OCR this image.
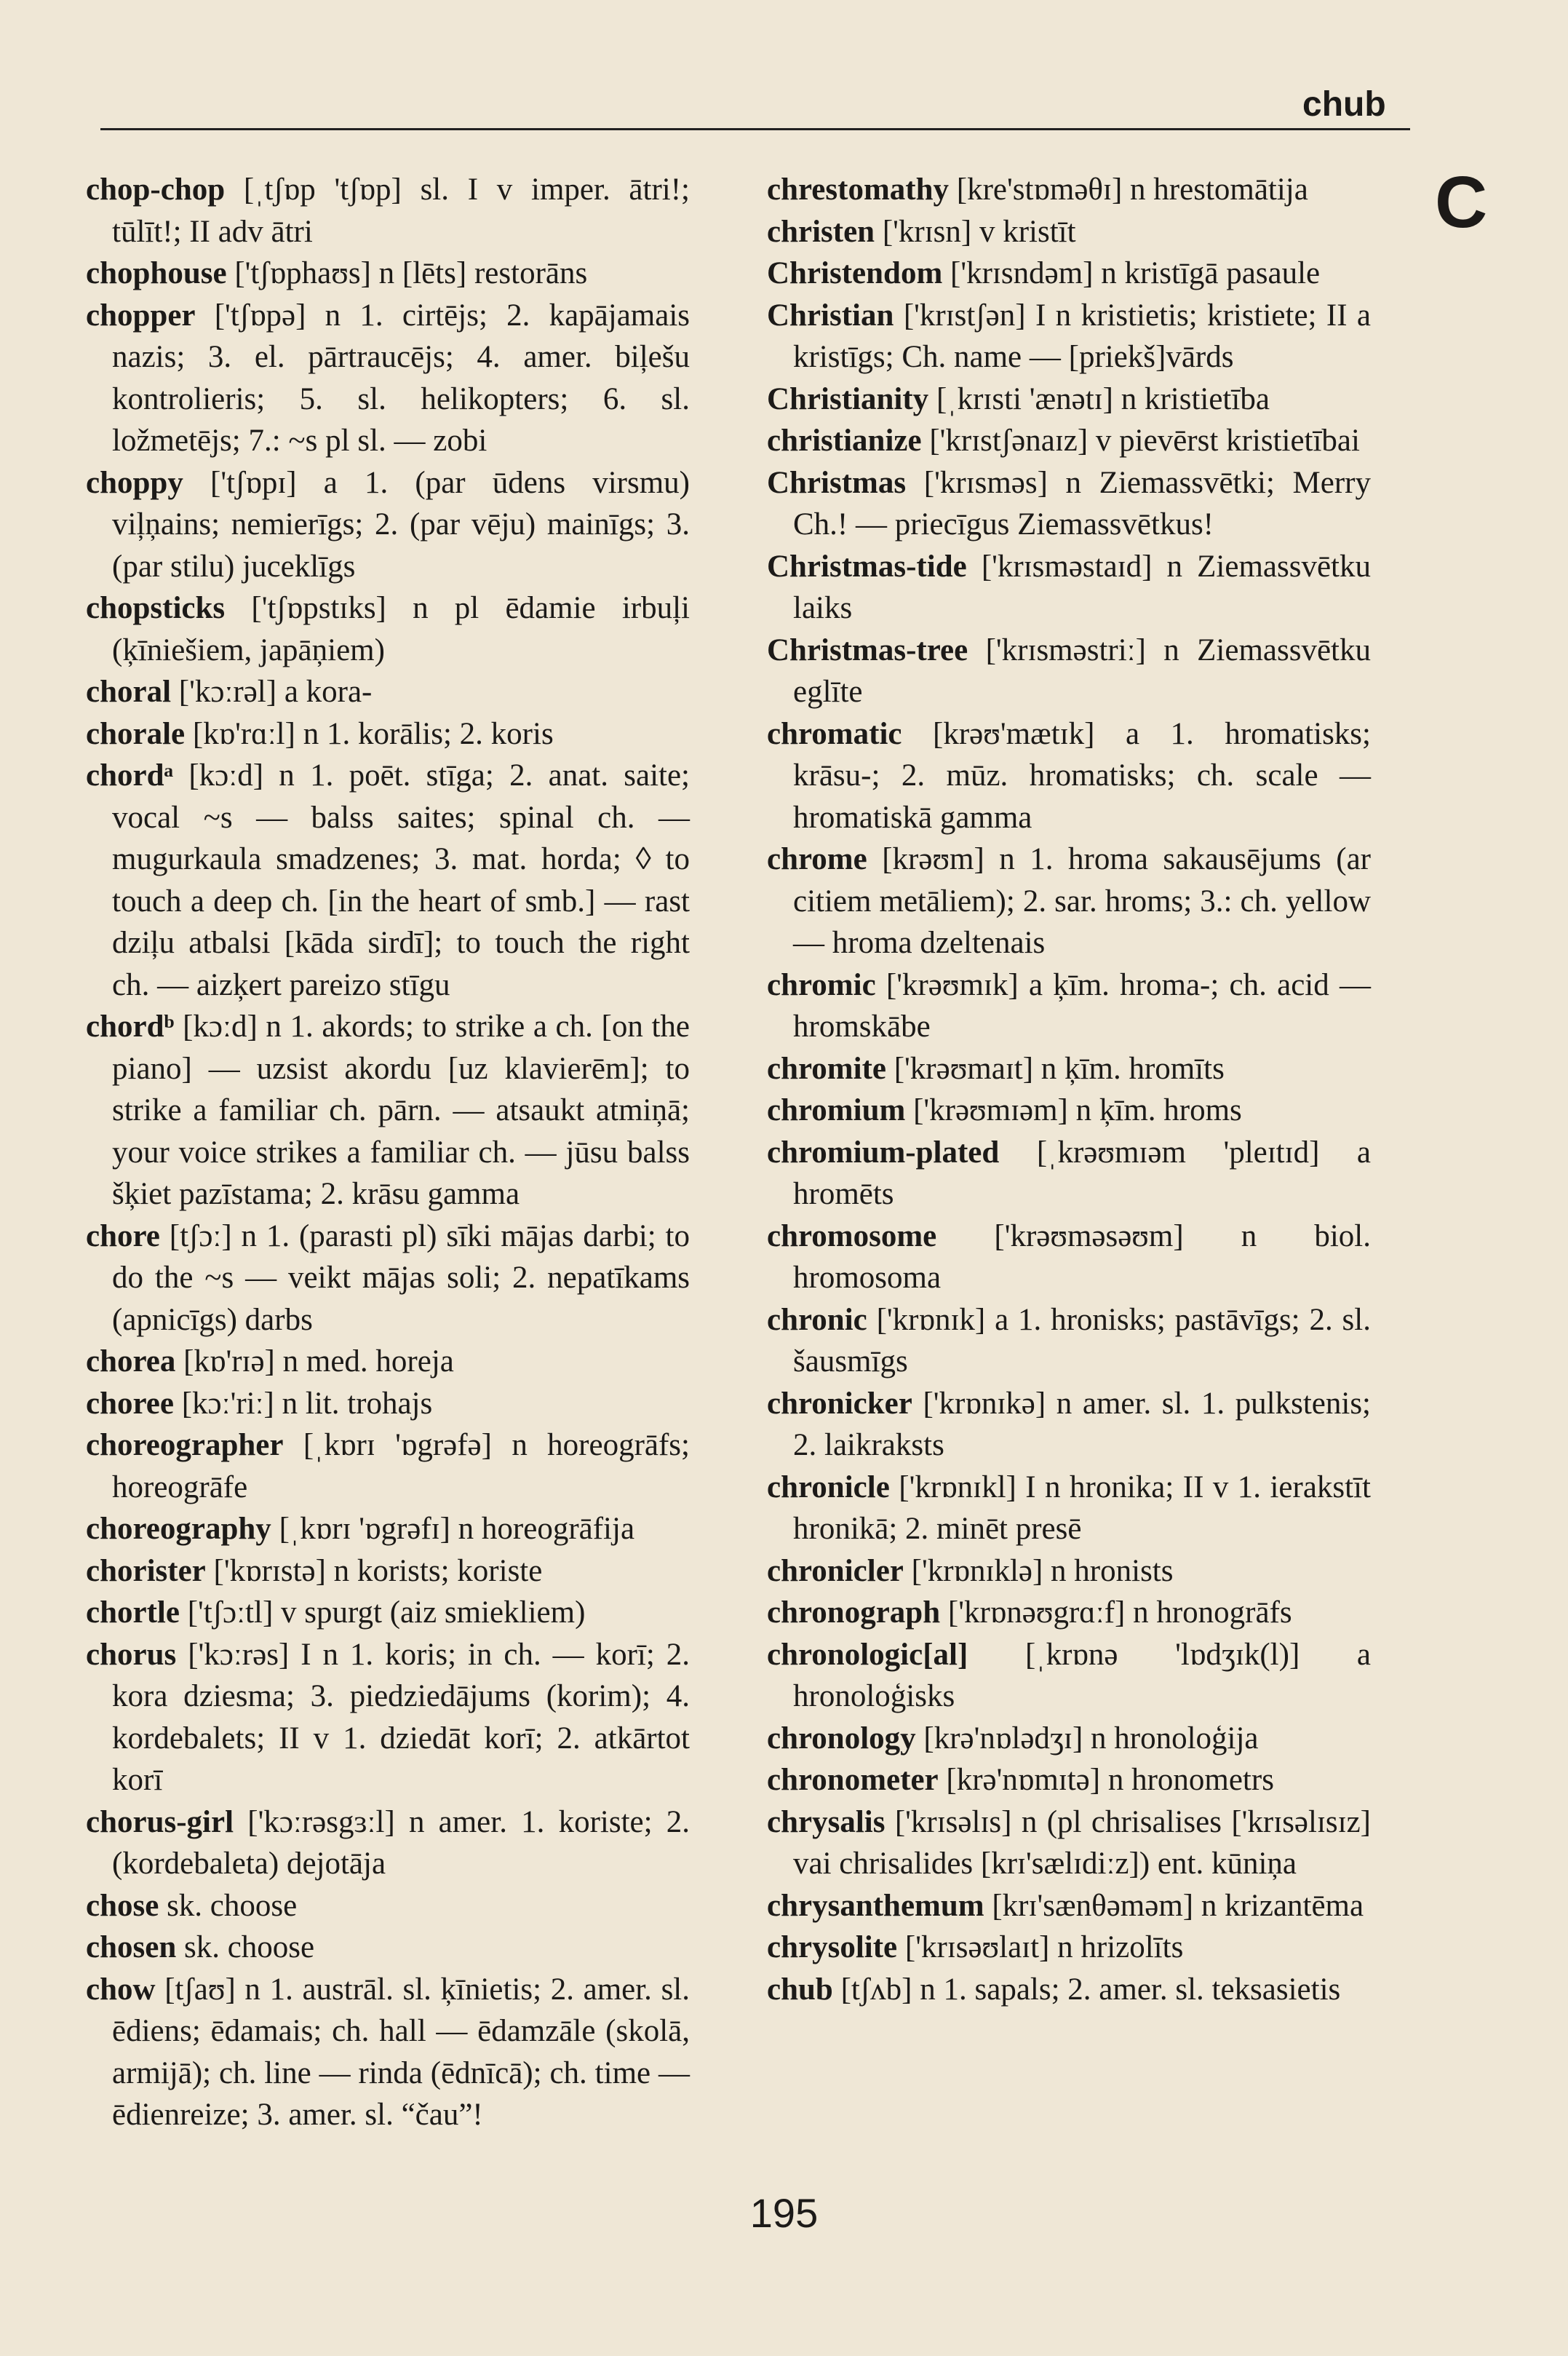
chub
C
chop-chop [ˌtʃɒp 'tʃɒp] sl. I v imper. ātri!; tūlīt!; II adv ātri
chophouse ['tʃɒphaʊs] n [lēts] restorāns
chopper ['tʃɒpə] n 1. cirtējs; 2. kapājamais nazis; 3. el. pārtraucējs; 4. amer. biļešu kontrolieris; 5. sl. helikopters; 6. sl. ložmetējs; 7.: ~s pl sl. — zobi
choppy ['tʃɒpɪ] a 1. (par ūdens virsmu) viļņains; nemierīgs; 2. (par vēju) mainīgs; 3. (par stilu) juceklīgs
chopsticks ['tʃɒpstɪks] n pl ēdamie irbuļi (ķīniešiem, japāņiem)
choral ['kɔːrəl] a kora-
chorale [kɒ'rɑːl] n 1. korālis; 2. koris
chordᵃ [kɔːd] n 1. poēt. stīga; 2. anat. saite; vocal ~s — balss saites; spinal ch. — mugurkaula smadzenes; 3. mat. horda; ◊ to touch a deep ch. [in the heart of smb.] — rast dziļu atbalsi [kāda sirdī]; to touch the right ch. — aizķert pareizo stīgu
chordᵇ [kɔːd] n 1. akords; to strike a ch. [on the piano] — uzsist akordu [uz klavierēm]; to strike a familiar ch. pārn. — atsaukt atmiņā; your voice strikes a familiar ch. — jūsu balss šķiet pazīstama; 2. krāsu gamma
chore [tʃɔː] n 1. (parasti pl) sīki mājas darbi; to do the ~s — veikt mājas soli; 2. nepatīkams (apnicīgs) darbs
chorea [kɒ'rɪə] n med. horeja
choree [kɔː'riː] n lit. trohajs
choreographer [ˌkɒrɪ 'ɒgrəfə] n horeogrāfs; horeogrāfe
choreography [ˌkɒrɪ 'ɒgrəfɪ] n horeogrāfija
chorister ['kɒrɪstə] n korists; koriste
chortle ['tʃɔːtl] v spurgt (aiz smiekliem)
chorus ['kɔːrəs] I n 1. koris; in ch. — korī; 2. kora dziesma; 3. piedziedājums (korim); 4. kordebalets; II v 1. dziedāt korī; 2. atkārtot korī
chorus-girl ['kɔːrəsgɜːl] n amer. 1. koriste; 2. (kordebaleta) dejotāja
chose sk. choose
chosen sk. choose
chow [tʃaʊ] n 1. austrāl. sl. ķīnietis; 2. amer. sl. ēdiens; ēdamais; ch. hall — ēdamzāle (skolā, armijā); ch. line — rinda (ēdnīcā); ch. time — ēdienreize; 3. amer. sl. “čau”!
chrestomathy [kre'stɒməθɪ] n hrestomātija
christen ['krɪsn] v kristīt
Christendom ['krɪsndəm] n kristīgā pasaule
Christian ['krɪstʃən] I n kristietis; kristiete; II a kristīgs; Ch. name — [priekš]vārds
Christianity [ˌkrɪsti 'ænətɪ] n kristietība
christianize ['krɪstʃənaɪz] v pievērst kristietībai
Christmas ['krɪsməs] n Ziemassvētki; Merry Ch.! — priecīgus Ziemassvētkus!
Christmas-tide ['krɪsməstaɪd] n Ziemassvētku laiks
Christmas-tree ['krɪsməstriː] n Ziemassvētku eglīte
chromatic [krəʊ'mætɪk] a 1. hromatisks; krāsu-; 2. mūz. hromatisks; ch. scale — hromatiskā gamma
chrome [krəʊm] n 1. hroma sakausējums (ar citiem metāliem); 2. sar. hroms; 3.: ch. yellow — hroma dzeltenais
chromic ['krəʊmɪk] a ķīm. hroma-; ch. acid — hromskābe
chromite ['krəʊmaɪt] n ķīm. hromīts
chromium ['krəʊmɪəm] n ķīm. hroms
chromium-plated [ˌkrəʊmɪəm 'pleɪtɪd] a hromēts
chromosome ['krəʊməsəʊm] n biol. hromosoma
chronic ['krɒnɪk] a 1. hronisks; pastāvīgs; 2. sl. šausmīgs
chronicker ['krɒnɪkə] n amer. sl. 1. pulkstenis; 2. laikraksts
chronicle ['krɒnɪkl] I n hronika; II v 1. ierakstīt hronikā; 2. minēt presē
chronicler ['krɒnɪklə] n hronists
chronograph ['krɒnəʊgrɑːf] n hronogrāfs
chronologic[al] [ˌkrɒnə 'lɒdʒɪk(l)] a hronoloģisks
chronology [krə'nɒlədʒɪ] n hronoloģija
chronometer [krə'nɒmɪtə] n hronometrs
chrysalis ['krɪsəlɪs] n (pl chrisalises ['krɪsəlɪsɪz] vai chrisalides [krɪ'sælɪdiːz]) ent. kūniņa
chrysanthemum [krɪ'sænθəməm] n krizantēma
chrysolite ['krɪsəʊlaɪt] n hrizolīts
chub [tʃʌb] n 1. sapals; 2. amer. sl. teksasietis
195
